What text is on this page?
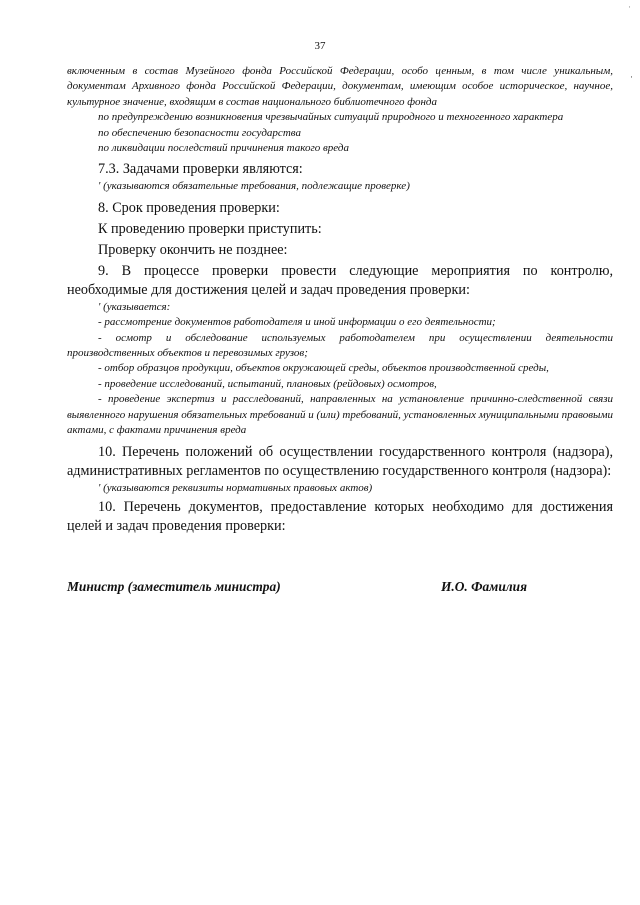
·
·
37
включенным в состав Музейного фонда Российской Федерации, особо ценным, в том числе уникальным, документам Архивного фонда Российской Федерации, документам, имеющим особое историческое, научное, культурное значение, входящим в состав национального библиотечного фонда
по предупреждению возникновения чрезвычайных ситуаций природного и техногенного характера
по обеспечению безопасности государства
по ликвидации последствий причинения такого вреда
7.3. Задачами проверки являются:
' (указываются обязательные требования, подлежащие проверке)
8. Срок проведения проверки:
К проведению проверки приступить:
Проверку окончить не позднее:
9. В процессе проверки провести следующие мероприятия по контролю, необходимые для достижения целей и задач проведения проверки:
' (указывается:
- рассмотрение документов работодателя и иной информации о его деятельности;
- осмотр и обследование используемых работодателем при осуществлении деятельности производственных объектов и перевозимых грузов;
- отбор образцов продукции, объектов окружающей среды, объектов производственной среды,
- проведение исследований, испытаний, плановых (рейдовых) осмотров,
- проведение экспертиз и расследований, направленных на установление причинно-следственной связи выявленного нарушения обязательных требований и (или) требований, установленных муниципальными правовыми актами, с фактами причинения вреда
10. Перечень положений об осуществлении государственного контроля (надзора), административных регламентов по осуществлению государственного контроля (надзора):
' (указываются реквизиты нормативных правовых актов)
10. Перечень документов, предоставление которых необходимо для достижения целей и задач проведения проверки:
Министр (заместитель министра)	И.О. Фамилия
